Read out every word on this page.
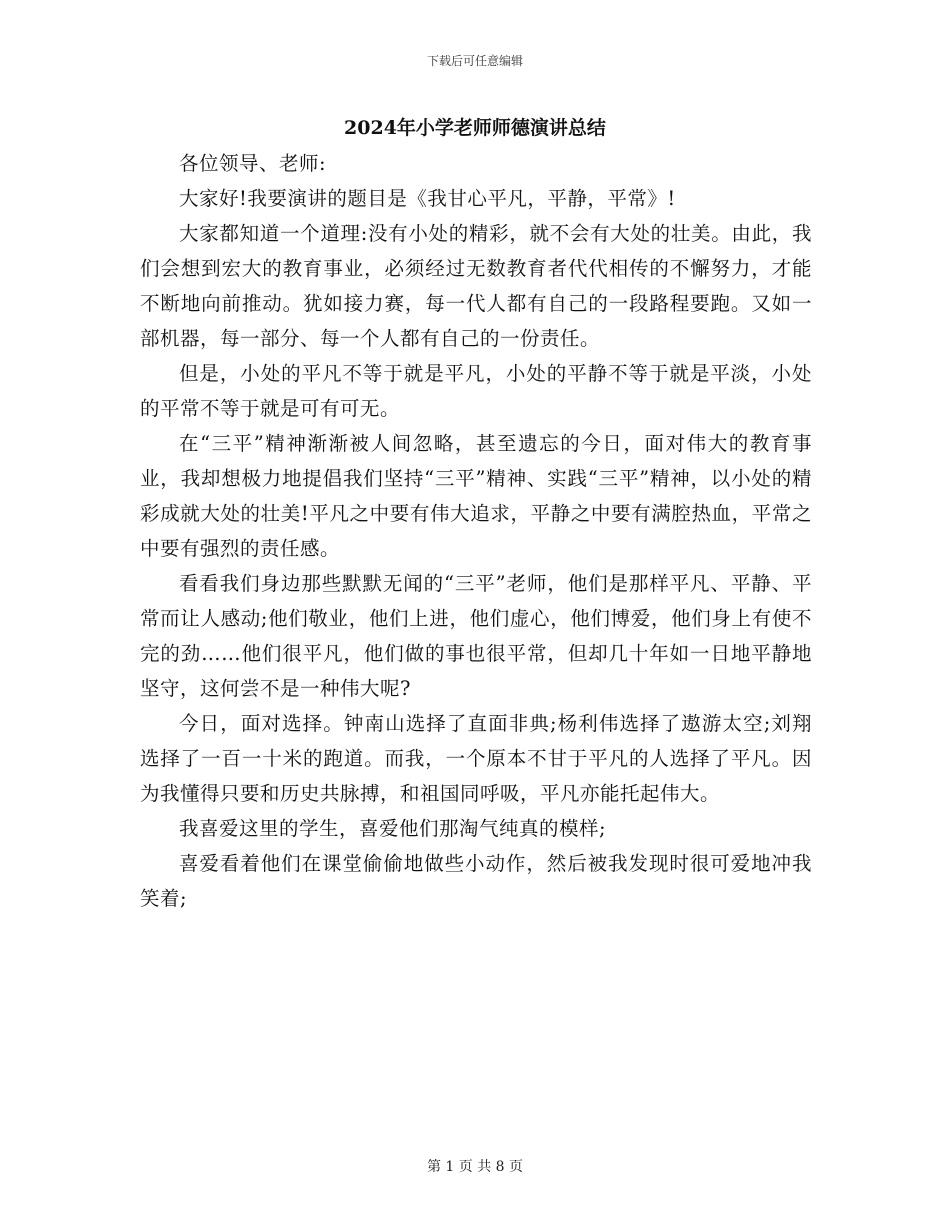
下载后可任意编辑
2024年小学老师师德演讲总结

各位领导、老师:

大家好!我要演讲的题目是《我甘心平凡，平静，平常》!

大家都知道一个道理:没有小处的精彩，就不会有大处的壮美。由此，我们会想到宏大的教育事业，必须经过无数教育者代代相传的不懈努力，才能不断地向前推动。犹如接力赛，每一代人都有自己的一段路程要跑。又如一部机器，每一部分、每一个人都有自己的一份责任。

但是，小处的平凡不等于就是平凡，小处的平静不等于就是平淡，小处的平常不等于就是可有可无。

在“三平”精神渐渐被人间忽略，甚至遗忘的今日，面对伟大的教育事业，我却想极力地提倡我们坚持“三平”精神、实践“三平”精神，以小处的精彩成就大处的壮美!平凡之中要有伟大追求，平静之中要有满腔热血，平常之中要有强烈的责任感。

看看我们身边那些默默无闻的“三平”老师，他们是那样平凡、平静、平常而让人感动;他们敬业，他们上进，他们虚心，他们博爱，他们身上有使不完的劲……他们很平凡，他们做的事也很平常，但却几十年如一日地平静地坚守，这何尝不是一种伟大呢?

今日，面对选择。钟南山选择了直面非典;杨利伟选择了遨游太空;刘翔选择了一百一十米的跑道。而我，一个原本不甘于平凡的人选择了平凡。因为我懂得只要和历史共脉搏，和祖国同呼吸，平凡亦能托起伟大。

我喜爱这里的学生，喜爱他们那淘气纯真的模样;

喜爱看着他们在课堂偷偷地做些小动作，然后被我发现时很可爱地冲我笑着;

第 1 页 共 8 页
